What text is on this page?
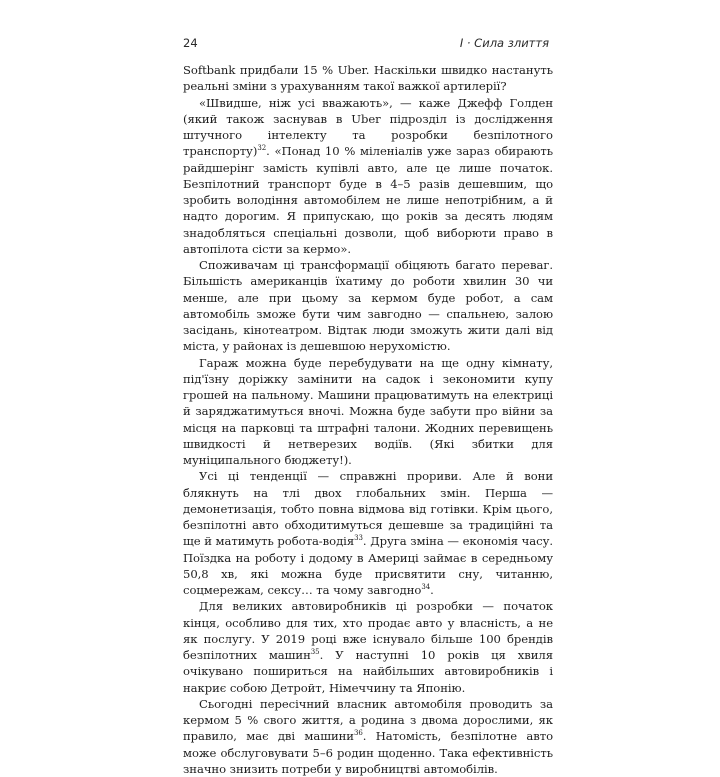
24	I · Сила злиття

Softbank придбали 15 % Uber. Наскільки швидко настануть реальні зміни з урахуванням такої важкої артилерії?

«Швидше, ніж усі вважають», — каже Джефф Голден (який також заснував в Uber підрозділ із дослідження штучного інтелекту та розробки безпілотного транспорту)$^{32}$. «Понад 10 % міленіалів уже зараз обирають райдшерінг замість купівлі авто, але це лише початок. Безпілотний транспорт буде в 4–5 разів дешевшим, що зробить володіння автомобілем не лише непотрібним, а й надто дорогим. Я припускаю, що років за десять людям знадобляться спеціальні дозволи, щоб виборюти право в автопілота сісти за кермо».

Споживачам ці трансформації обіцяють багато переваг. Більшість американців їхатиму до роботи хвилин 30 чи менше, але при цьому за кермом буде робот, а сам автомобіль зможе бути чим завгодно — спальнею, залою засідань, кінотеатром. Відтак люди зможуть жити далі від міста, у районах із дешевшою нерухомістю.

Гараж можна буде перебудувати на ще одну кімнату, під'їзну доріжку замінити на садок і зекономити купу грошей на пальному. Машини працюватимуть на електриці й заряджатимуться вночі. Можна буде забути про війни за місця на парковці та штрафні талони. Жодних перевищень швидкості й нетверезих водіїв. (Які збитки для муніципального бюджету!).

Усі ці тенденції — справжні прориви. Але й вони блякнуть на тлі двох глобальних змін. Перша — демонетизація, тобто повна відмова від готівки. Крім цього, безпілотні авто обходитимуться дешевше за традиційні та ще й матимуть робота-водія$^{33}$. Друга зміна — економія часу. Поїздка на роботу і додому в Америці займає в середньому 50,8 хв, які можна буде присвятити сну, читанню, соцмережам, сексу… та чому завгодно$^{34}$.

Для великих автовиробників ці розробки — початок кінця, особливо для тих, хто продає авто у власність, а не як послугу. У 2019 році вже існувало більше 100 брендів безпілотних машин$^{35}$. У наступні 10 років ця хвиля очікувано пошириться на найбільших автовиробників і накриє собою Детройт, Німеччину та Японію.

Сьогодні пересічний власник автомобіля проводить за кермом 5 % свого життя, а родина з двома дорослими, як правило, має дві машини$^{36}$. Натомість, безпілотне авто може обслуговувати 5–6 родин щоденно. Така ефективність значно знизить потреби у виробництві автомобілів.
